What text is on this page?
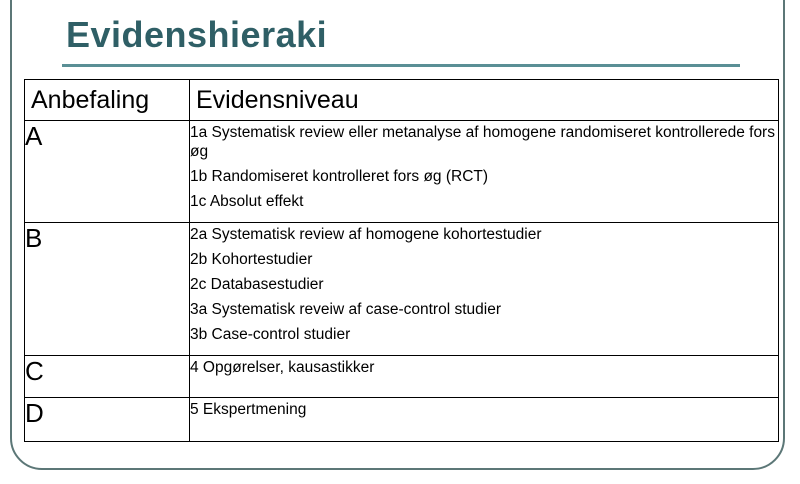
Evidenshieraki
Anbefaling	Evidensniveau
A	1a Systematisk review eller metanalyse af homogene randomiseret kontrollerede fors øg
1b Randomiseret kontrolleret fors øg (RCT)
1c Absolut effekt

B	2a Systematisk review af homogene kohortestudier
2b Kohortestudier
2c Databasestudier
3a Systematisk reveiw af case-control studier
3b Case-control studier

C	4 Opgørelser, kausastikker

D	5 Ekspertmening
